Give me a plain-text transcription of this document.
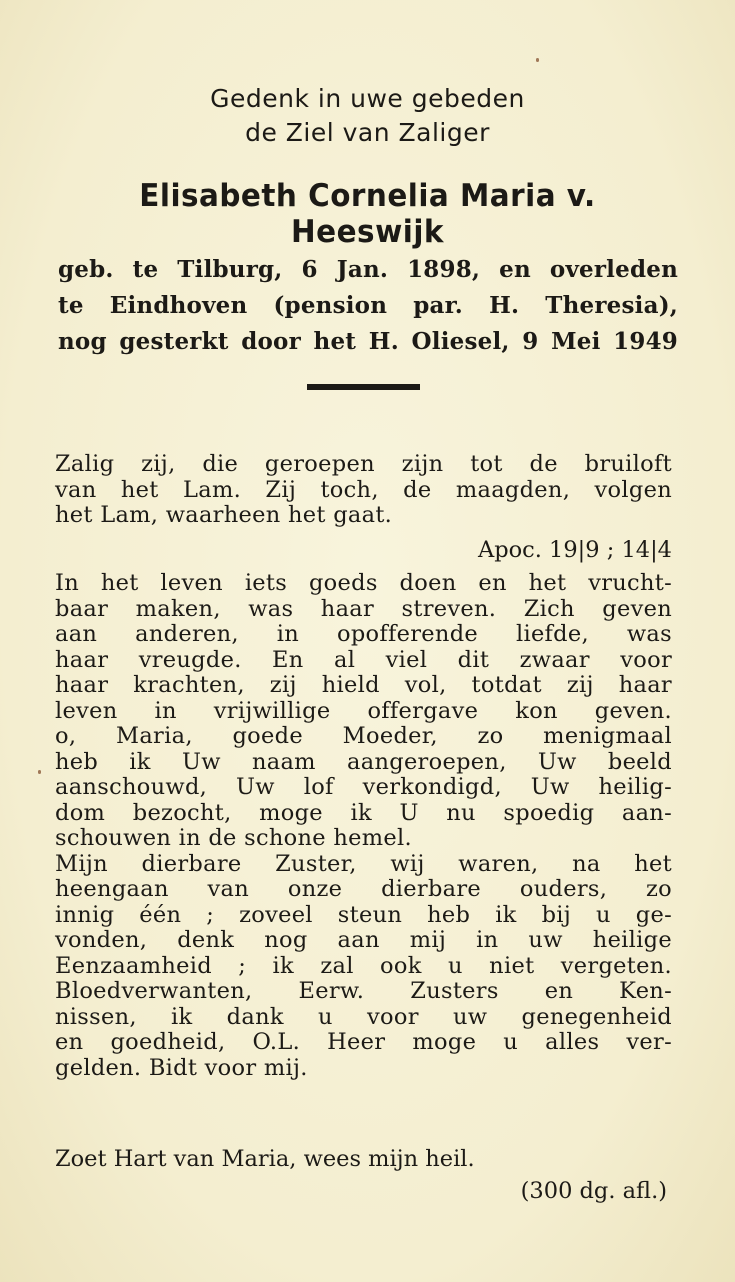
Gedenk in uwe gebeden
de Ziel van Zaliger
Elisabeth Cornelia Maria v. Heeswijk
geb. te Tilburg, 6 Jan. 1898, en overleden
te Eindhoven (pension par. H. Theresia),
nog gesterkt door het H. Oliesel, 9 Mei 1949
Zalig zij, die geroepen zijn tot de bruiloft
van het Lam. Zij toch, de maagden, volgen
het Lam, waarheen het gaat.
Apoc. 19|9 ; 14|4
In het leven iets goeds doen en het vrucht-
baar maken, was haar streven. Zich geven
aan anderen, in opofferende liefde, was
haar vreugde. En al viel dit zwaar voor
haar krachten, zij hield vol, totdat zij haar
leven in vrijwillige offergave kon geven.
o, Maria, goede Moeder, zo menigmaal
heb ik Uw naam aangeroepen, Uw beeld
aanschouwd, Uw lof verkondigd, Uw heilig-
dom bezocht, moge ik U nu spoedig aan-
schouwen in de schone hemel.
Mijn dierbare Zuster, wij waren, na het
heengaan van onze dierbare ouders, zo
innig één ; zoveel steun heb ik bij u ge-
vonden, denk nog aan mij in uw heilige
Eenzaamheid ; ik zal ook u niet vergeten.
Bloedverwanten, Eerw. Zusters en Ken-
nissen, ik dank u voor uw genegenheid
en goedheid, O.L. Heer moge u alles ver-
gelden. Bidt voor mij.
Zoet Hart van Maria, wees mijn heil.
(300 dg. afl.)
